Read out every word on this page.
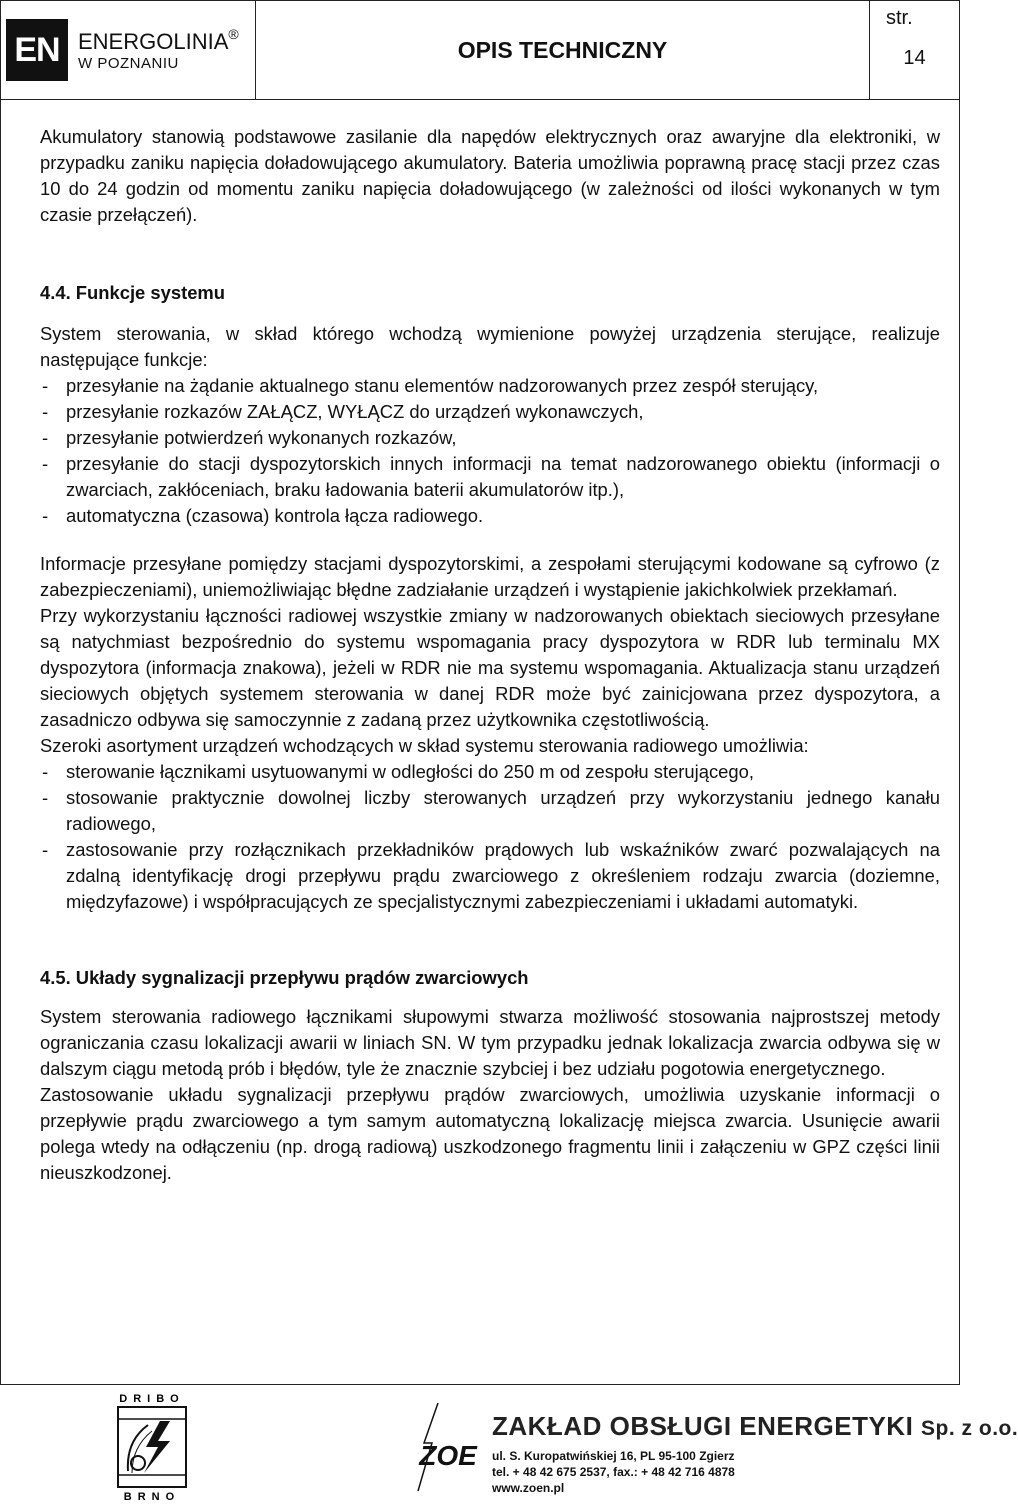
EN ENERGOLINIA®
W POZNANIU
OPIS TECHNICZNY
str.
14

Akumulatory stanowią podstawowe zasilanie dla napędów elektrycznych oraz awaryjne dla elektroniki, w przypadku zaniku napięcia doładowującego akumulatory. Bateria umożliwia poprawną pracę stacji przez czas 10 do 24 godzin od momentu zaniku napięcia doładowującego (w zależności od ilości wykonanych w tym czasie przełączeń).

4.4. Funkcje systemu

System sterowania, w skład którego wchodzą wymienione powyżej urządzenia sterujące, realizuje następujące funkcje:

- przesyłanie na żądanie aktualnego stanu elementów nadzorowanych przez zespół sterujący,
- przesyłanie rozkazów ZAŁĄCZ, WYŁĄCZ do urządzeń wykonawczych,
- przesyłanie potwierdzeń wykonanych rozkazów,
- przesyłanie do stacji dyspozytorskich innych informacji na temat nadzorowanego obiektu (informacji o zwarciach, zakłóceniach, braku ładowania baterii akumulatorów itp.),
- automatyczna (czasowa) kontrola łącza radiowego.

Informacje przesyłane pomiędzy stacjami dyspozytorskimi, a zespołami sterującymi kodowane są cyfrowo (z zabezpieczeniami), uniemożliwiając błędne zadziałanie urządzeń i wystąpienie jakichkolwiek przekłamań.

Przy wykorzystaniu łączności radiowej wszystkie zmiany w nadzorowanych obiektach sieciowych przesyłane są natychmiast bezpośrednio do systemu wspomagania pracy dyspozytora w RDR lub terminalu MX dyspozytora (informacja znakowa), jeżeli w RDR nie ma systemu wspomagania. Aktualizacja stanu urządzeń sieciowych objętych systemem sterowania w danej RDR może być zainicjowana przez dyspozytora, a zasadniczo odbywa się samoczynnie z zadaną przez użytkownika częstotliwością.

Szeroki asortyment urządzeń wchodzących w skład systemu sterowania radiowego umożliwia:

- sterowanie łącznikami usytuowanymi w odległości do 250 m od zespołu sterującego,
- stosowanie praktycznie dowolnej liczby sterowanych urządzeń przy wykorzystaniu jednego kanału radiowego,
- zastosowanie przy rozłącznikach przekładników prądowych lub wskaźników zwarć pozwalających na zdalną identyfikację drogi przepływu prądu zwarciowego z określeniem rodzaju zwarcia (doziemne, międzyfazowe) i współpracujących ze specjalistycznymi zabezpieczeniami i układami automatyki.

4.5. Układy sygnalizacji przepływu prądów zwarciowych

System sterowania radiowego łącznikami słupowymi stwarza możliwość stosowania najprostszej metody ograniczania czasu lokalizacji awarii w liniach SN. W tym przypadku jednak lokalizacja zwarcia odbywa się w dalszym ciągu metodą prób i błędów, tyle że znacznie szybciej i bez udziału pogotowia energetycznego.

Zastosowanie układu sygnalizacji przepływu prądów zwarciowych, umożliwia uzyskanie informacji o przepływie prądu zwarciowego a tym samym automatyczną lokalizację miejsca zwarcia. Usunięcie awarii polega wtedy na odłączeniu (np. drogą radiową) uszkodzonego fragmentu linii i załączeniu w GPZ części linii nieuszkodzonej.

DRIBO
BRNO
ZOE
ZAKŁAD OBSŁUGI ENERGETYKI Sp. z o.o.
ul. S. Kuropatwińskiej 16, PL 95-100 Zgierz
tel. + 48 42 675 2537, fax.: + 48 42 716 4878
www.zoen.pl
